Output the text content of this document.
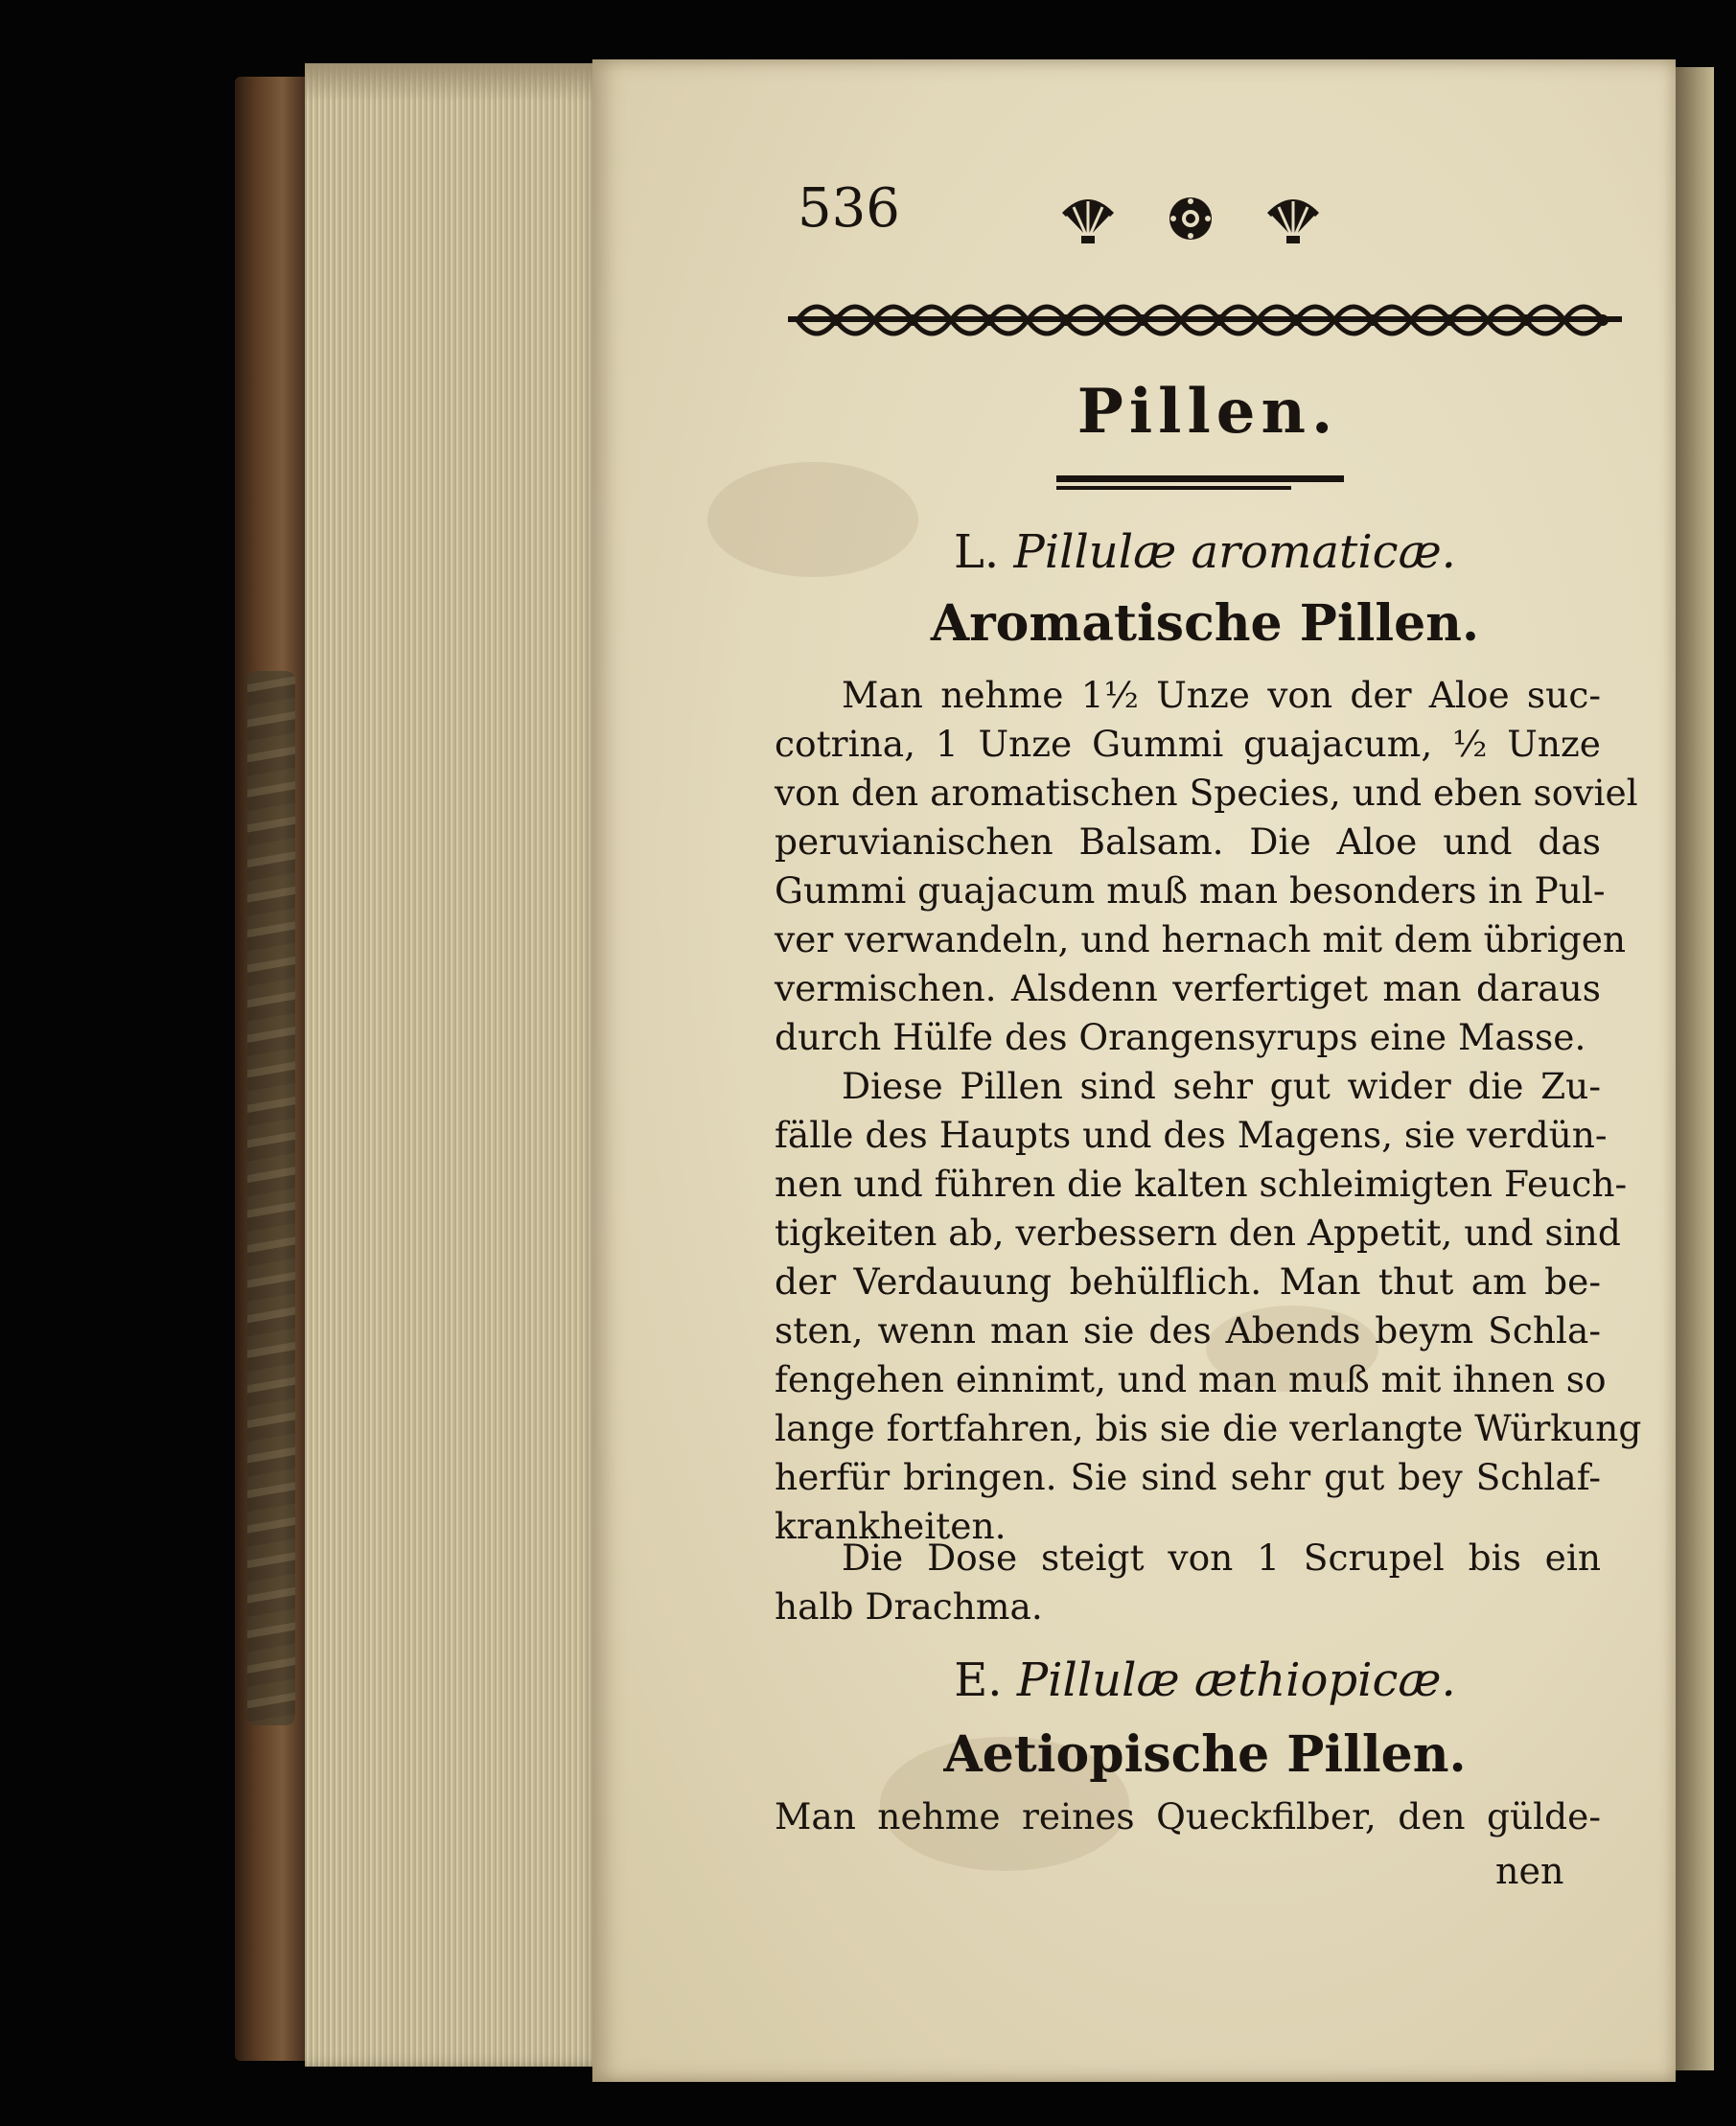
536
Pillen.
L. Pillulæ aromaticæ.
Aromatische Pillen.
Man nehme 1½ Unze von der Aloe suc-
cotrina, 1 Unze Gummi guajacum, ½ Unze
von den aromatischen Species, und eben soviel
peruvianischen Balsam. Die Aloe und das
Gummi guajacum muß man besonders in Pul-
ver verwandeln, und hernach mit dem übrigen
vermischen. Alsdenn verfertiget man daraus
durch Hülfe des Orangensyrups eine Masse.
Diese Pillen sind sehr gut wider die Zu-
fälle des Haupts und des Magens, sie verdün-
nen und führen die kalten schleimigten Feuch-
tigkeiten ab, verbessern den Appetit, und sind
der Verdauung behülflich. Man thut am be-
sten, wenn man sie des Abends beym Schla-
fengehen einnimt, und man muß mit ihnen so
lange fortfahren, bis sie die verlangte Würkung
herfür bringen. Sie sind sehr gut bey Schlaf-
krankheiten.
Die Dose steigt von 1 Scrupel bis ein
halb Drachma.
E. Pillulæ æthiopicæ.
Aetiopische Pillen.
Man nehme reines Queckfilber, den gülde-
nen
